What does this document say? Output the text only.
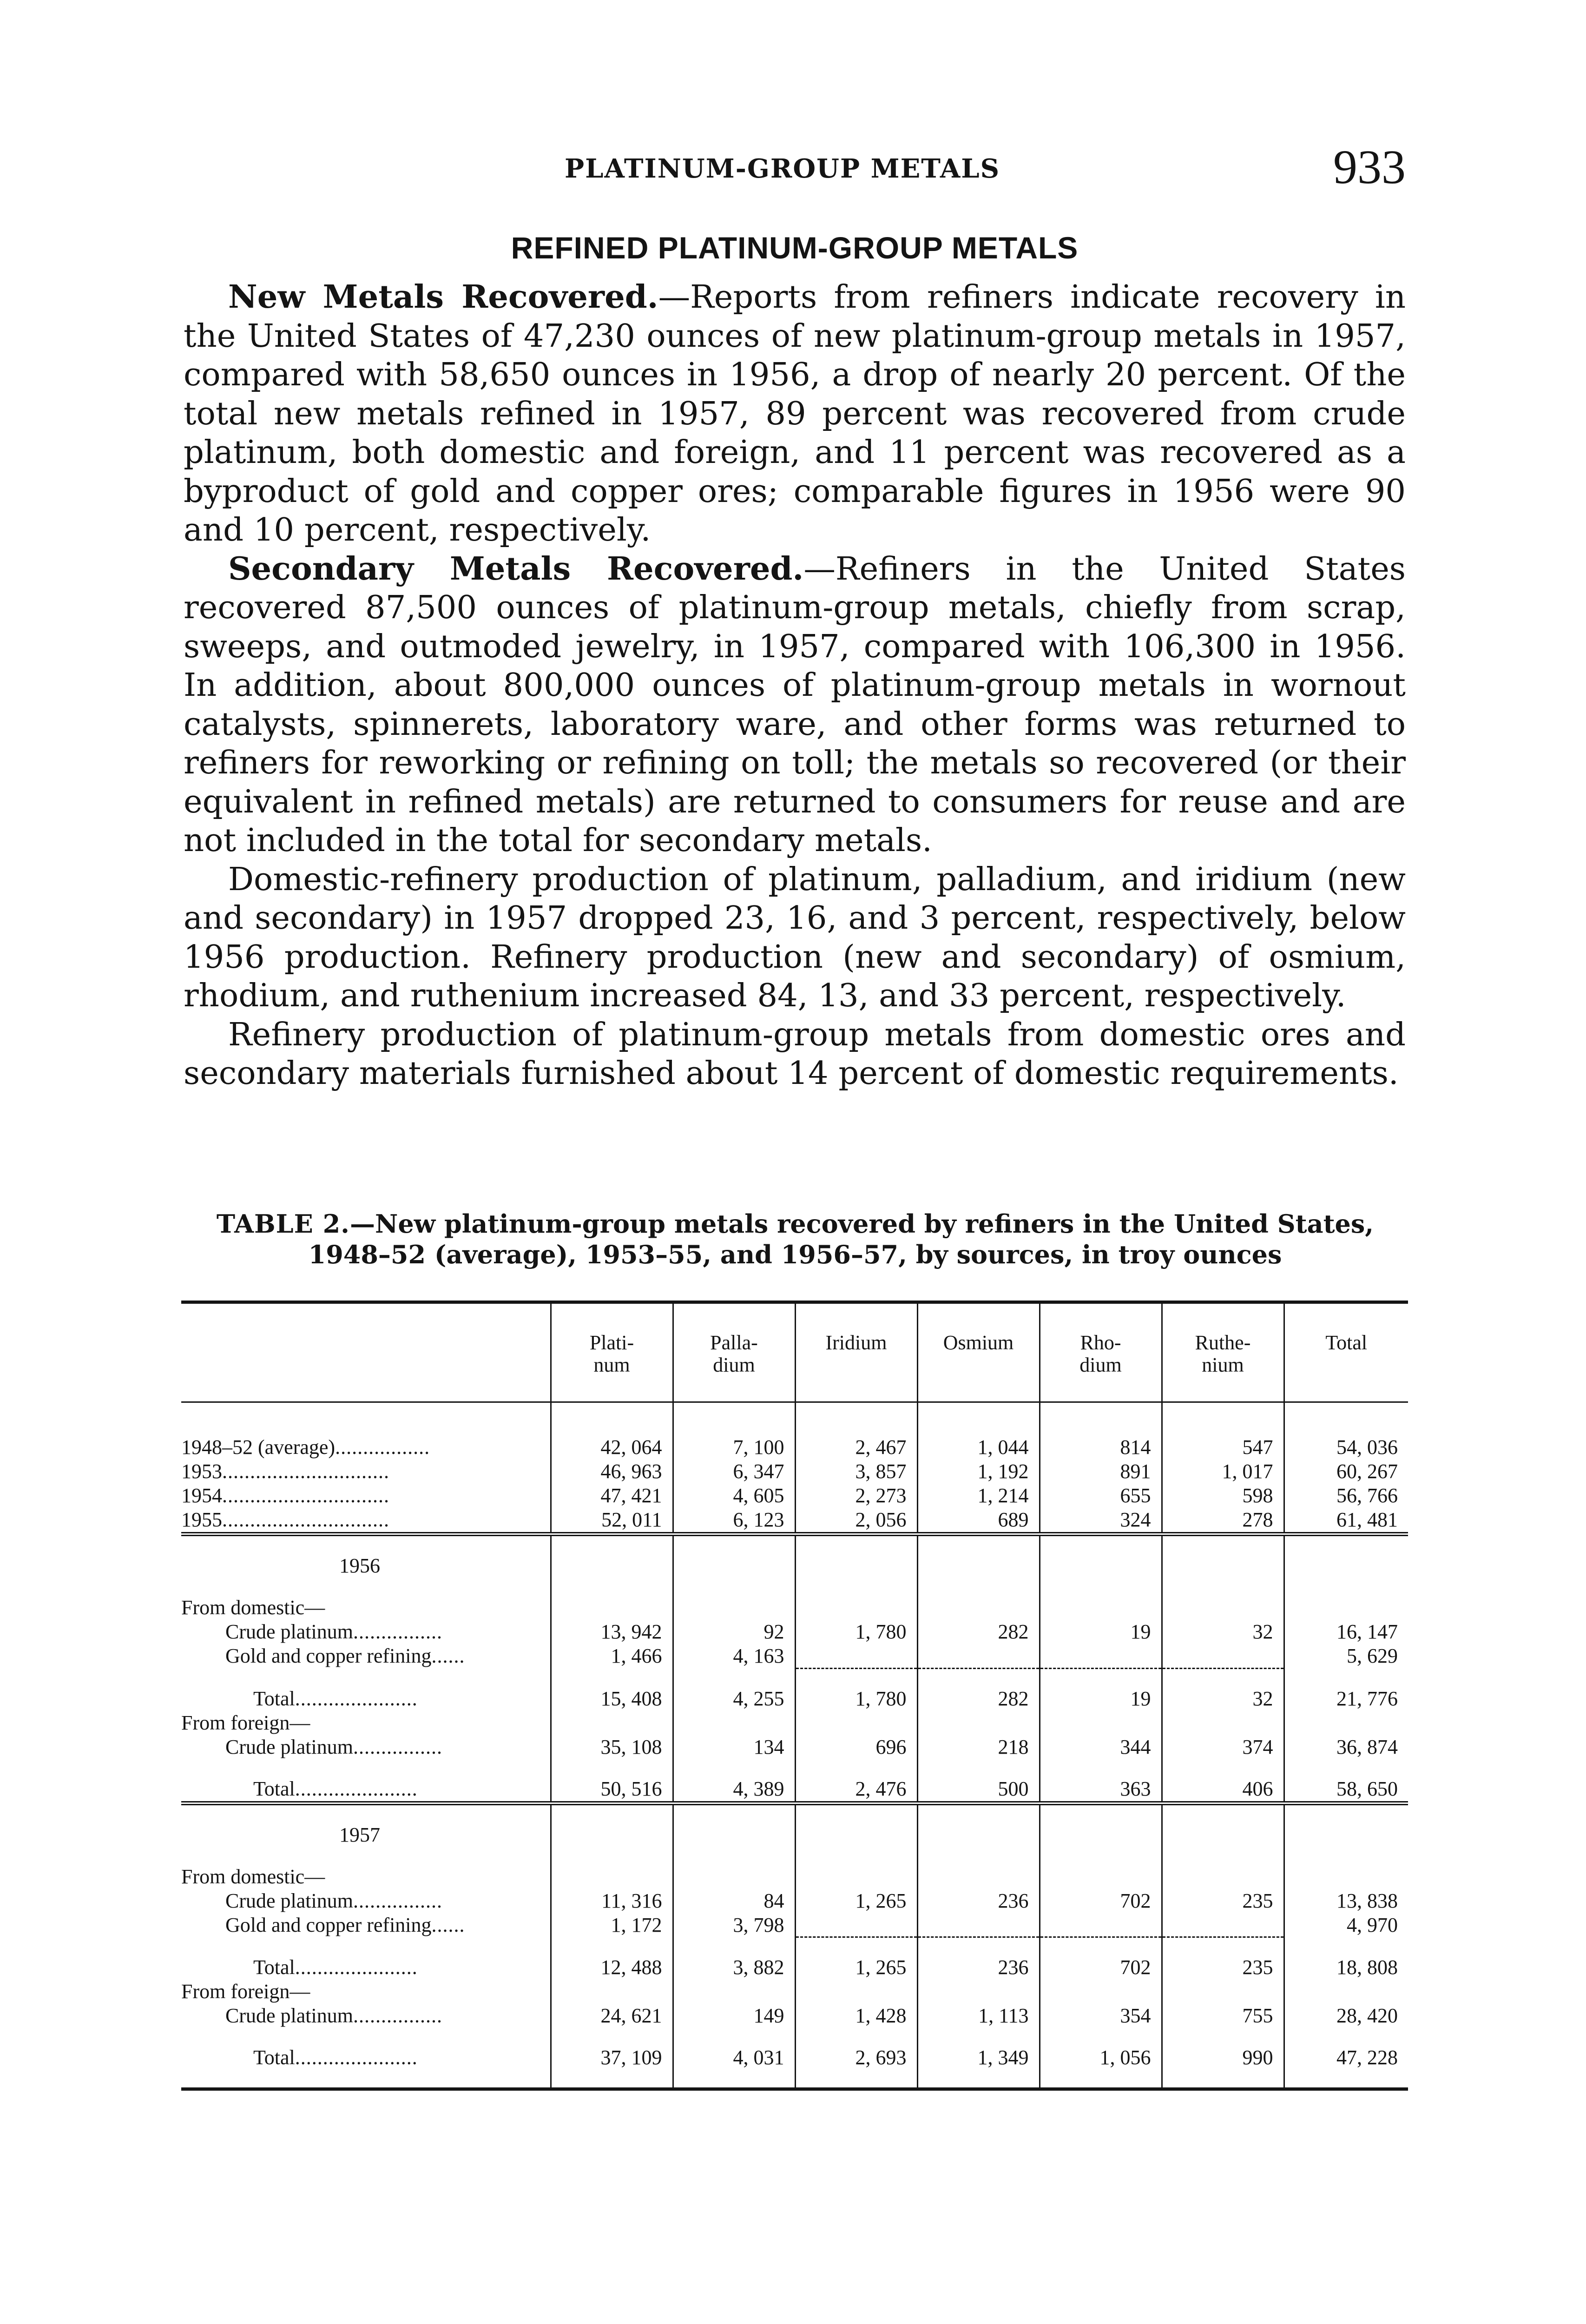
PLATINUM-GROUP METALS	933
REFINED PLATINUM-GROUP METALS

New Metals Recovered.—Reports from refiners indicate recovery in the United States of 47,230 ounces of new platinum-group metals in 1957, compared with 58,650 ounces in 1956, a drop of nearly 20 percent. Of the total new metals refined in 1957, 89 percent was recovered from crude platinum, both domestic and foreign, and 11 percent was recovered as a byproduct of gold and copper ores; comparable figures in 1956 were 90 and 10 percent, respectively.

Secondary Metals Recovered.—Refiners in the United States recovered 87,500 ounces of platinum-group metals, chiefly from scrap, sweeps, and outmoded jewelry, in 1957, compared with 106,300 in 1956. In addition, about 800,000 ounces of platinum-group metals in wornout catalysts, spinnerets, laboratory ware, and other forms was returned to refiners for reworking or refining on toll; the metals so recovered (or their equivalent in refined metals) are returned to consumers for reuse and are not included in the total for secondary metals.

Domestic-refinery production of platinum, palladium, and iridium (new and secondary) in 1957 dropped 23, 16, and 3 percent, respectively, below 1956 production. Refinery production (new and secondary) of osmium, rhodium, and ruthenium increased 84, 13, and 33 percent, respectively.

Refinery production of platinum-group metals from domestic ores and secondary materials furnished about 14 percent of domestic requirements.

TABLE 2.—New platinum-group metals recovered by refiners in the United States, 1948–52 (average), 1953–55, and 1956–57, by sources, in troy ounces

	Plati-
num	Palla-
dium	Iridium	Osmium	Rho-
dium	Ruthe-
nium	Total

1948–52 (average).................	42, 064	7, 100	2, 467	1, 044	814	547	54, 036
1953..............................	46, 963	6, 347	3, 857	1, 192	891	1, 017	60, 267
1954..............................	47, 421	4, 605	2, 273	1, 214	655	598	56, 766
1955..............................	52, 011	6, 123	2, 056	689	324	278	61, 481

1956							

From domestic—							
Crude platinum................	13, 942	92	1, 780	282	19	32	16, 147
Gold and copper refining......	1, 466	4, 163					5, 629

Total......................	15, 408	4, 255	1, 780	282	19	32	21, 776
From foreign—							
Crude platinum................	35, 108	134	696	218	344	374	36, 874

Total......................	50, 516	4, 389	2, 476	500	363	406	58, 650

1957							

From domestic—							
Crude platinum................	11, 316	84	1, 265	236	702	235	13, 838
Gold and copper refining......	1, 172	3, 798					4, 970

Total......................	12, 488	3, 882	1, 265	236	702	235	18, 808
From foreign—							
Crude platinum................	24, 621	149	1, 428	1, 113	354	755	28, 420

Total......................	37, 109	4, 031	2, 693	1, 349	1, 056	990	47, 228
